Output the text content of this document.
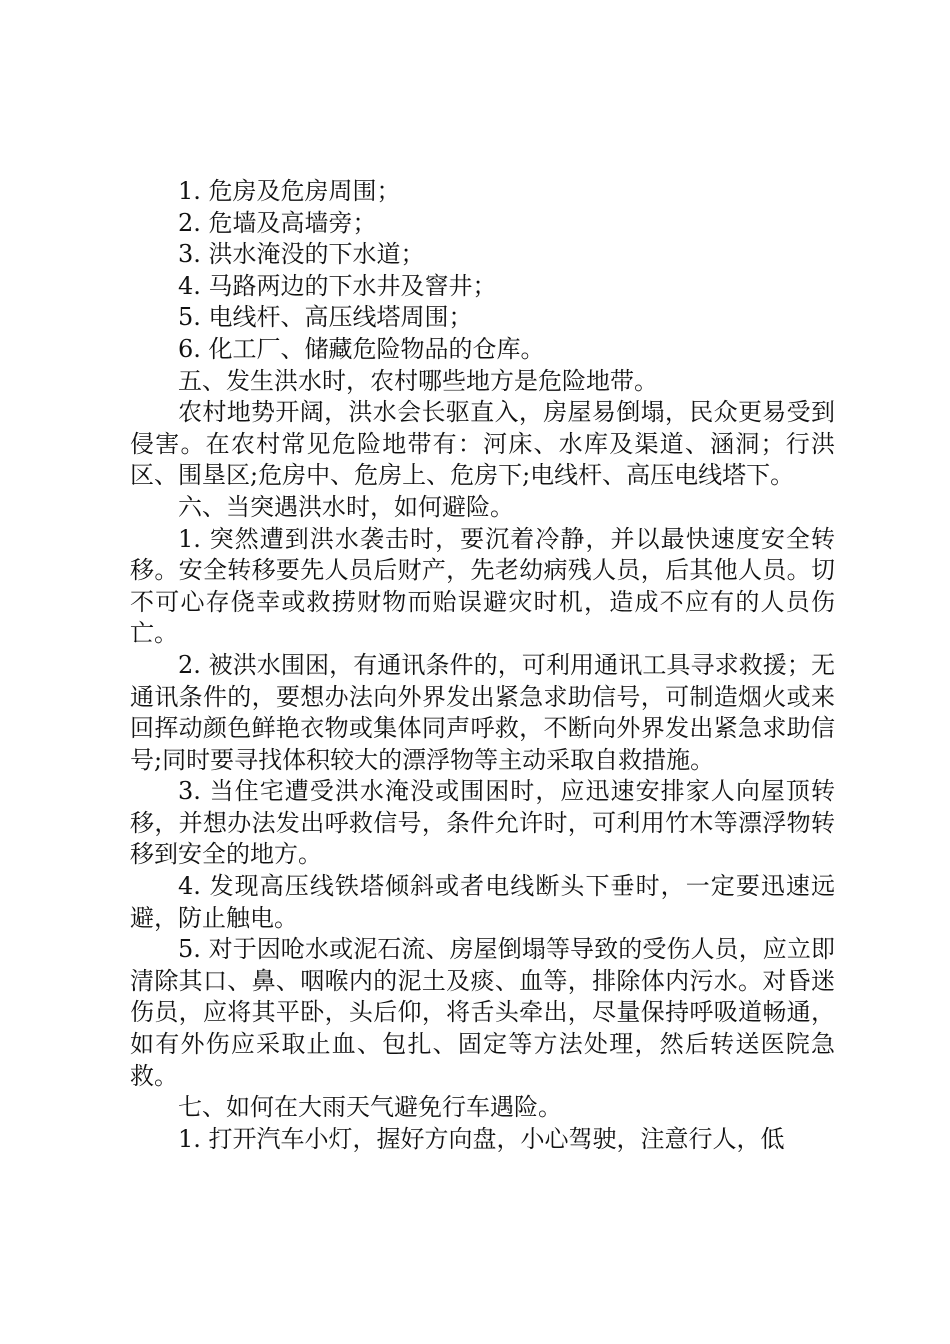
1. 危房及危房周围；
2. 危墙及高墙旁；
3. 洪水淹没的下水道；
4. 马路两边的下水井及窨井；
5. 电线杆、高压线塔周围；
6. 化工厂、储藏危险物品的仓库。
五、发生洪水时，农村哪些地方是危险地带。
农村地势开阔，洪水会长驱直入，房屋易倒塌，民众更易受到侵害。在农村常见危险地带有：河床、水库及渠道、涵洞；行洪区、围垦区;危房中、危房上、危房下;电线杆、高压电线塔下。
六、当突遇洪水时，如何避险。
1. 突然遭到洪水袭击时，要沉着冷静，并以最快速度安全转移。安全转移要先人员后财产，先老幼病残人员，后其他人员。切不可心存侥幸或救捞财物而贻误避灾时机，造成不应有的人员伤亡。
2. 被洪水围困，有通讯条件的，可利用通讯工具寻求救援；无通讯条件的，要想办法向外界发出紧急求助信号，可制造烟火或来回挥动颜色鲜艳衣物或集体同声呼救，不断向外界发出紧急求助信号;同时要寻找体积较大的漂浮物等主动采取自救措施。
3. 当住宅遭受洪水淹没或围困时，应迅速安排家人向屋顶转移，并想办法发出呼救信号，条件允许时，可利用竹木等漂浮物转移到安全的地方。
4. 发现高压线铁塔倾斜或者电线断头下垂时，一定要迅速远避，防止触电。
5. 对于因呛水或泥石流、房屋倒塌等导致的受伤人员，应立即清除其口、鼻、咽喉内的泥土及痰、血等，排除体内污水。对昏迷伤员，应将其平卧，头后仰，将舌头牵出，尽量保持呼吸道畅通，如有外伤应采取止血、包扎、固定等方法处理，然后转送医院急救。
七、如何在大雨天气避免行车遇险。
1. 打开汽车小灯，握好方向盘，小心驾驶，注意行人，低
